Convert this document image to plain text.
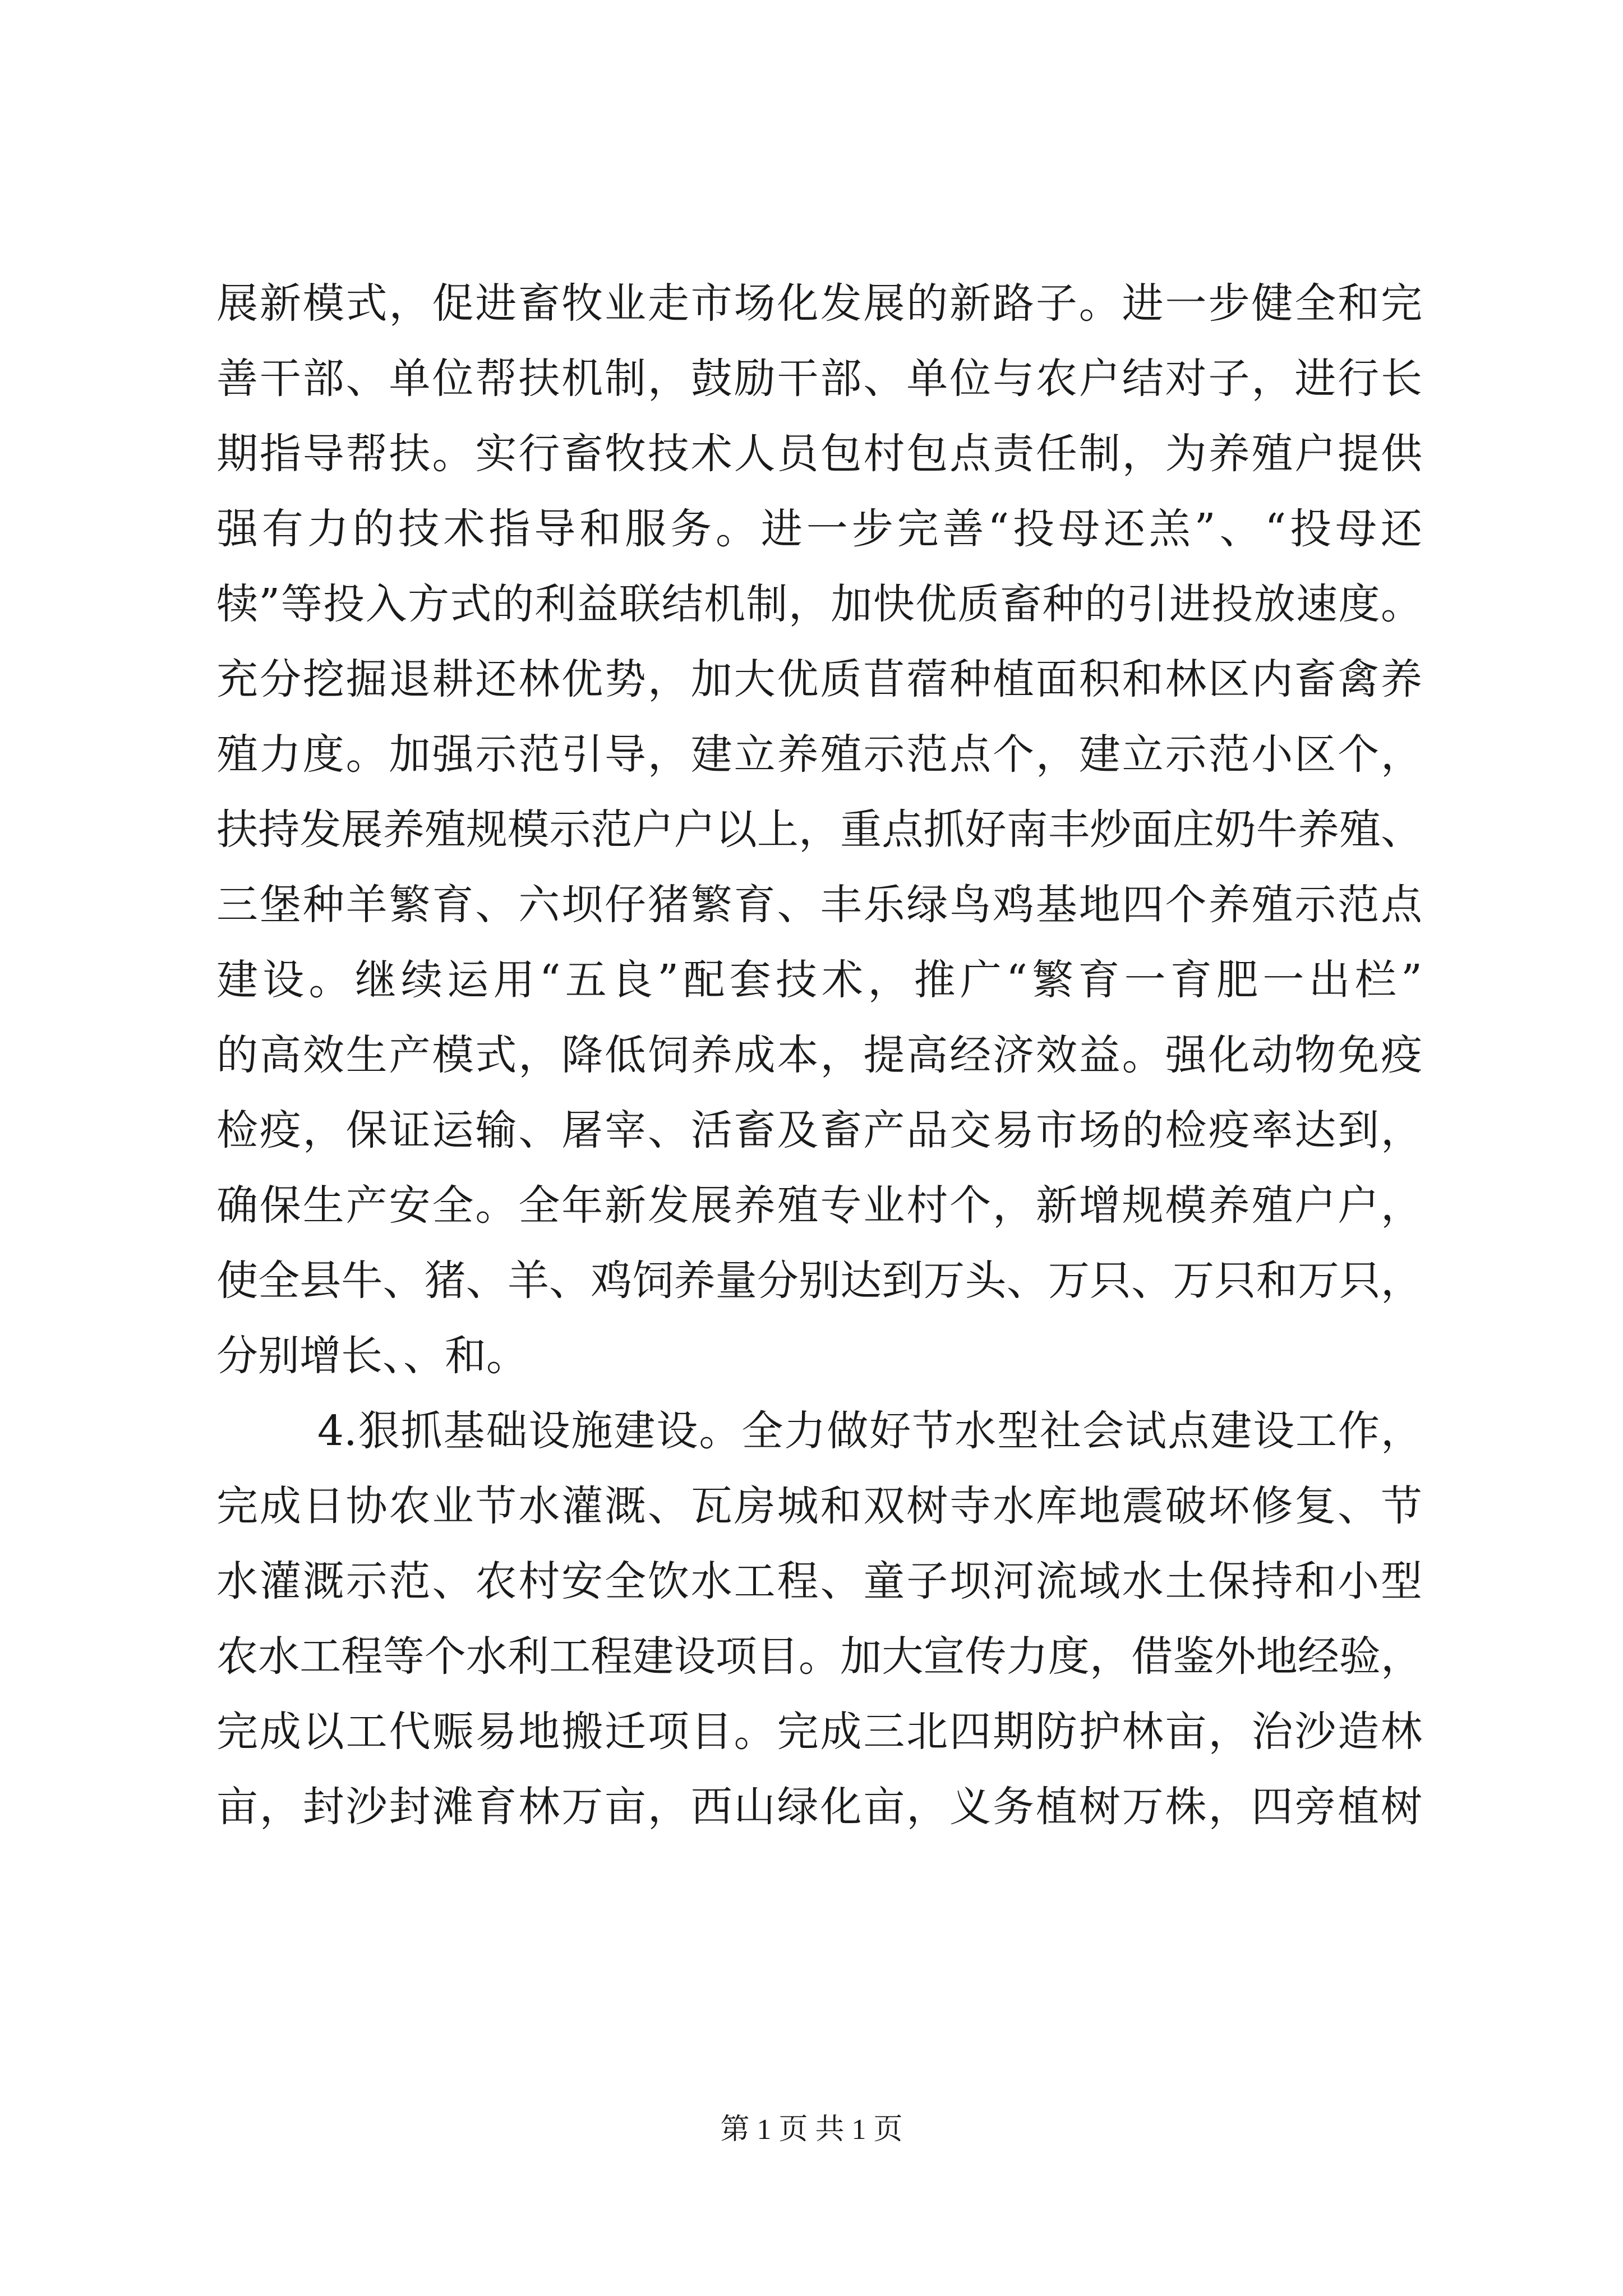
展新模式，促进畜牧业走市场化发展的新路子。进一步健全和完
善干部、单位帮扶机制，鼓励干部、单位与农户结对子，进行长
期指导帮扶。实行畜牧技术人员包村包点责任制，为养殖户提供
强有力的技术指导和服务。进一步完善“投母还羔”、“投母还
犊”等投入方式的利益联结机制，加快优质畜种的引进投放速度。
充分挖掘退耕还林优势，加大优质苜蓿种植面积和林区内畜禽养
殖力度。加强示范引导，建立养殖示范点个，建立示范小区个，
扶持发展养殖规模示范户户以上，重点抓好南丰炒面庄奶牛养殖、
三堡种羊繁育、六坝仔猪繁育、丰乐绿鸟鸡基地四个养殖示范点
建设。继续运用“五良”配套技术，推广“繁育一育肥一出栏”
的高效生产模式，降低饲养成本，提高经济效益。强化动物免疫
检疫，保证运输、屠宰、活畜及畜产品交易市场的检疫率达到，
确保生产安全。全年新发展养殖专业村个，新增规模养殖户户，
使全县牛、猪、羊、鸡饲养量分别达到万头、万只、万只和万只，
分别增长、、和。
4.狠抓基础设施建设。全力做好节水型社会试点建设工作，
完成日协农业节水灌溉、瓦房城和双树寺水库地震破坏修复、节
水灌溉示范、农村安全饮水工程、童子坝河流域水土保持和小型
农水工程等个水利工程建设项目。加大宣传力度，借鉴外地经验，
完成以工代赈易地搬迁项目。完成三北四期防护林亩，治沙造林
亩，封沙封滩育林万亩，西山绿化亩，义务植树万株，四旁植树
第 1 页 共 1 页
